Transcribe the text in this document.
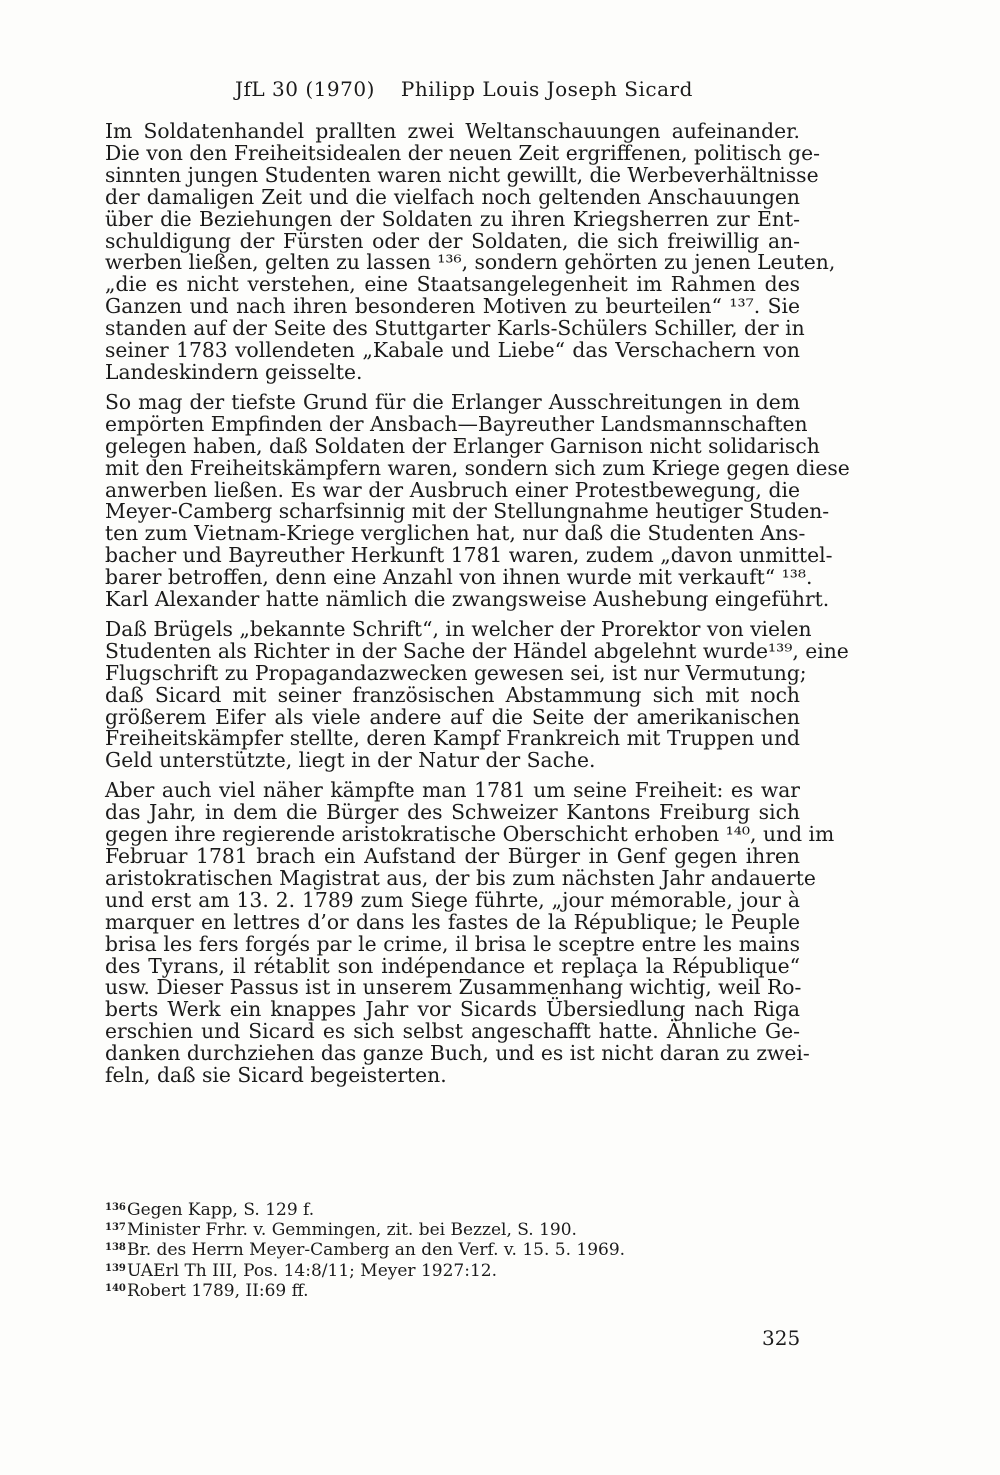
JfL 30 (1970) Philipp Louis Joseph Sicard

Im Soldatenhandel prallten zwei Weltanschauungen aufeinander.
Die von den Freiheitsidealen der neuen Zeit ergriffenen, politisch ge-
sinnten jungen Studenten waren nicht gewillt, die Werbeverhältnisse
der damaligen Zeit und die vielfach noch geltenden Anschauungen
über die Beziehungen der Soldaten zu ihren Kriegsherren zur Ent-
schuldigung der Fürsten oder der Soldaten, die sich freiwillig an-
werben ließen, gelten zu lassen ¹³⁶, sondern gehörten zu jenen Leuten,
„die es nicht verstehen, eine Staatsangelegenheit im Rahmen des
Ganzen und nach ihren besonderen Motiven zu beurteilen“ ¹³⁷. Sie
standen auf der Seite des Stuttgarter Karls-Schülers Schiller, der in
seiner 1783 vollendeten „Kabale und Liebe“ das Verschachern von
Landeskindern geisselte.

So mag der tiefste Grund für die Erlanger Ausschreitungen in dem
empörten Empfinden der Ansbach—Bayreuther Landsmannschaften
gelegen haben, daß Soldaten der Erlanger Garnison nicht solidarisch
mit den Freiheitskämpfern waren, sondern sich zum Kriege gegen diese
anwerben ließen. Es war der Ausbruch einer Protestbewegung, die
Meyer-Camberg scharfsinnig mit der Stellungnahme heutiger Studen-
ten zum Vietnam-Kriege verglichen hat, nur daß die Studenten Ans-
bacher und Bayreuther Herkunft 1781 waren, zudem „davon unmittel-
barer betroffen, denn eine Anzahl von ihnen wurde mit verkauft“ ¹³⁸.
Karl Alexander hatte nämlich die zwangsweise Aushebung eingeführt.

Daß Brügels „bekannte Schrift“, in welcher der Prorektor von vielen
Studenten als Richter in der Sache der Händel abgelehnt wurde¹³⁹, eine
Flugschrift zu Propagandazwecken gewesen sei, ist nur Vermutung;
daß Sicard mit seiner französischen Abstammung sich mit noch
größerem Eifer als viele andere auf die Seite der amerikanischen
Freiheitskämpfer stellte, deren Kampf Frankreich mit Truppen und
Geld unterstützte, liegt in der Natur der Sache.

Aber auch viel näher kämpfte man 1781 um seine Freiheit: es war
das Jahr, in dem die Bürger des Schweizer Kantons Freiburg sich
gegen ihre regierende aristokratische Oberschicht erhoben ¹⁴⁰, und im
Februar 1781 brach ein Aufstand der Bürger in Genf gegen ihren
aristokratischen Magistrat aus, der bis zum nächsten Jahr andauerte
und erst am 13. 2. 1789 zum Siege führte, „jour mémorable, jour à
marquer en lettres d’or dans les fastes de la République; le Peuple
brisa les fers forgés par le crime, il brisa le sceptre entre les mains
des Tyrans, il rétablit son indépendance et replaça la République“
usw. Dieser Passus ist in unserem Zusammenhang wichtig, weil Ro-
berts Werk ein knappes Jahr vor Sicards Übersiedlung nach Riga
erschien und Sicard es sich selbst angeschafft hatte. Ähnliche Ge-
danken durchziehen das ganze Buch, und es ist nicht daran zu zwei-
feln, daß sie Sicard begeisterten.

136Gegen Kapp, S. 129 f.
137Minister Frhr. v. Gemmingen, zit. bei Bezzel, S. 190.
138Br. des Herrn Meyer-Camberg an den Verf. v. 15. 5. 1969.
139UAErl Th III, Pos. 14:8/11; Meyer 1927:12.
140Robert 1789, II:69 ff.
325
